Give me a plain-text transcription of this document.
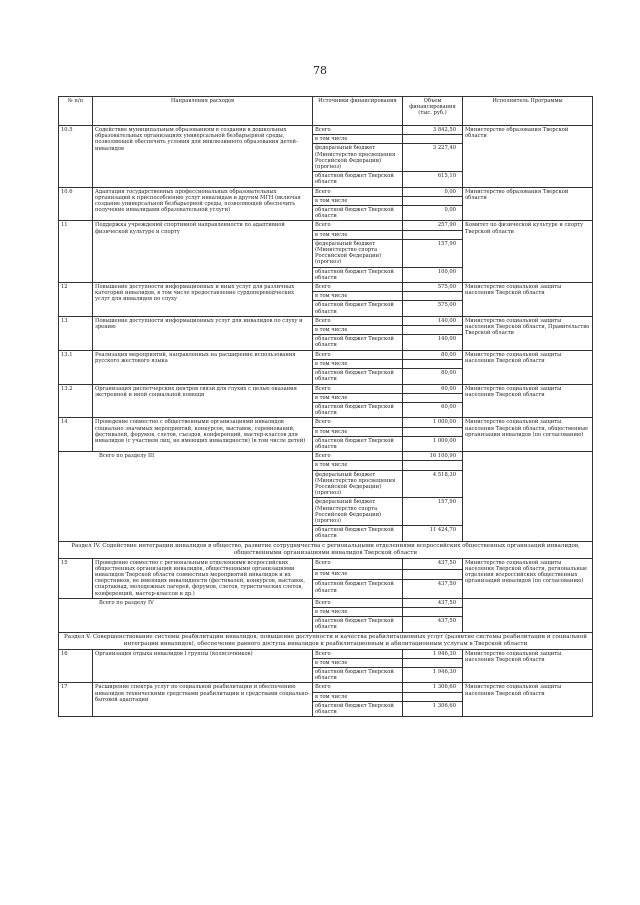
78
№ п/п	Направления расходов	Источники финансирования	Объем финансирования (тыс. руб.)	Исполнитель Программы
10.5	Содействие муниципальным образованиям в создании в дошкольных образовательных организациях универсальной безбарьерной среды, позволяющей обеспечить условия для инклюзивного образования детей-инвалидов	Всего	3 842,50	Министерство образования Тверской области
		в том числе		
		федеральный бюджет (Министерство просвещения Российской Федерации) (прогноз)	3 227,40	
		областной бюджет Тверской области	615,10	
10.6	Адаптация государственных профессиональных образовательных организаций к приспособлению услуг инвалидам и другим МГН (включая создание универсальной безбарьерной среды, позволяющей обеспечить получение инвалидами образовательной услуги)	Всего	0,00	Министерство образования Тверской области
		в том числе		
		областной бюджет Тверской области	0,00	
11	Поддержка учреждений спортивной направленности по адаптивной физической культуре и спорту	Всего	257,90	Комитет по физической культуре и спорту Тверской области
		в том числе		
		федеральный бюджет (Министерство спорта Российской Федерации) (прогноз)	157,90	
		областной бюджет Тверской области	100,00	
12	Повышение доступности информационных и иных услуг для различных категорий инвалидов, в том числе предоставление сурдопереводческих услуг для инвалидов по слуху	Всего	575,00	Министерство социальной защиты населения Тверской области
		в том числе		
		областной бюджет Тверской области	575,00	
13	Повышение доступности информационных услуг для инвалидов по слуху и зрению	Всего	140,00	Министерство социальной защиты населения Тверской области, Правительство Тверской области
		в том числе		
		областной бюджет Тверской области	140,00	
13.1	Реализация мероприятий, направленных на расширение использования русского жестового языка	Всего	80,00	Министерство социальной защиты населения Тверской области
		в том числе		
		областной бюджет Тверской области	80,00	
13.2	Организация диспетчерских центров связи для глухих с целью оказания экстренной и иной социальной помощи	Всего	60,00	Министерство социальной защиты населения Тверской области
		в том числе		
		областной бюджет Тверской области	60,00	
14	Проведение совместно с общественными организациями инвалидов социально значимых мероприятий, конкурсов, выставок, соревнований, фестивалей, форумов, слетов, съездов, конференций, мастер-классов для инвалидов (с участием лиц, не имеющих инвалидности) (в том числе детей)	Всего	1 000,00	Министерство социальной защиты населения Тверской области, общественные организации инвалидов (по согласованию)
		в том числе		
		областной бюджет Тверской области	1 000,00	
Всего по разделу III		Всего	16 100,90	
		в том числе		
		федеральный бюджет (Министерство просвещения Российской Федерации) (прогноз)	4 518,30	
		федеральный бюджет (Министерство спорта Российской Федерации) (прогноз)	157,90	
		областной бюджет Тверской области	11 424,70	
Раздел IV. Содействие интеграции инвалидов в общество, развитие сотрудничества с региональными отделениями всероссийских общественных организаций инвалидов, общественными организациями инвалидов Тверской области				
15	Проведение совместно с региональными отделениями всероссийских общественных организаций инвалидов, общественными организациями инвалидов Тверской области совместных мероприятий инвалидов и их сверстников, не имеющих инвалидности (фестивалей, конкурсов, выставок, спартакиад, молодежных лагерей, форумов, слетов, туристических слетов, конференций, мастер-классов и др.)	Всего	437,50	Министерство социальной защиты населения Тверской области, региональные отделения всероссийских общественных организаций инвалидов (по согласованию)
		в том числе		
		областной бюджет Тверской области	437,50	
Всего по разделу IV		Всего	437,50	
		в том числе		
		областной бюджет Тверской области	437,50	
Раздел V. Совершенствование системы реабилитации инвалидов, повышение доступности и качества реабилитационных услуг (развитие системы реабилитации и социальной интеграции инвалидов), обеспечение равного доступа инвалидов к реабилитационным и абилитационным услугам в Тверской области				
16	Организация отдыха инвалидов I группы (колясочников)	Всего	1 946,30	Министерство социальной защиты населения Тверской области
		в том числе		
		областной бюджет Тверской области	1 946,30	
17	Расширение спектра услуг по социальной реабилитации и обеспечению инвалидов техническими средствами реабилитации и средствами социально-бытовой адаптации	Всего	1 306,60	Министерство социальной защиты населения Тверской области
		в том числе		
		областной бюджет Тверской области	1 306,60	
